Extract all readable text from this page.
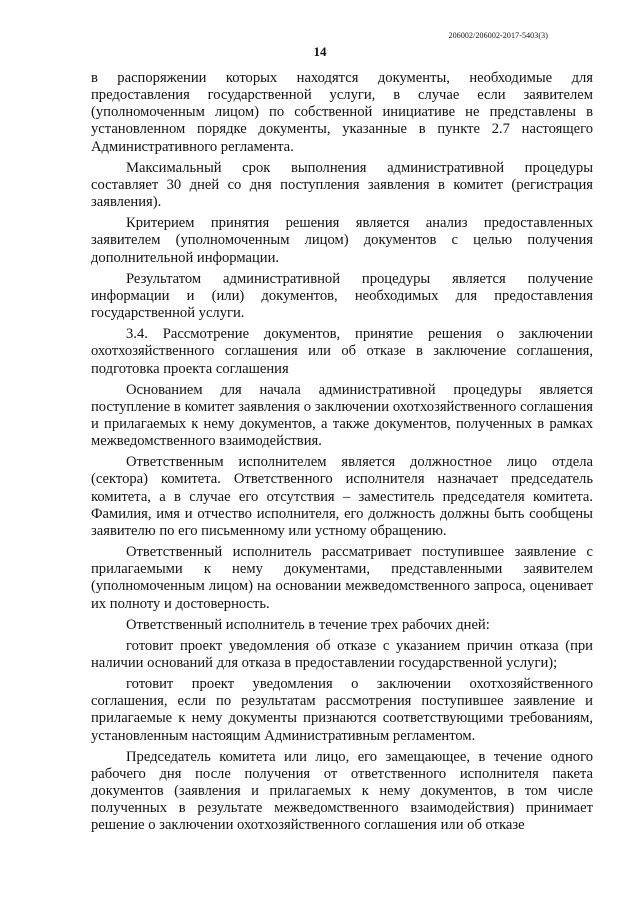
206002/206002-2017-5403(3)
14

в распоряжении которых находятся документы, необходимые для предоставления государственной услуги, в случае если заявителем (уполномоченным лицом) по собственной инициативе не представлены в установленном порядке документы, указанные в пункте 2.7 настоящего Административного регламента.

Максимальный срок выполнения административной процедуры составляет 30 дней со дня поступления заявления в комитет (регистрация заявления).

Критерием принятия решения является анализ предоставленных заявителем (уполномоченным лицом) документов с целью получения дополнительной информации.

Результатом административной процедуры является получение информации и (или) документов, необходимых для предоставления государственной услуги.

3.4. Рассмотрение документов, принятие решения о заключении охотхозяйственного соглашения или об отказе в заключение соглашения, подготовка проекта соглашения

Основанием для начала административной процедуры является поступление в комитет заявления о заключении охотхозяйственного соглашения и прилагаемых к нему документов, а также документов, полученных в рамках межведомственного взаимодействия.

Ответственным исполнителем является должностное лицо отдела (сектора) комитета. Ответственного исполнителя назначает председатель комитета, а в случае его отсутствия – заместитель председателя комитета. Фамилия, имя и отчество исполнителя, его должность должны быть сообщены заявителю по его письменному или устному обращению.

Ответственный исполнитель рассматривает поступившее заявление с прилагаемыми к нему документами, представленными заявителем (уполномоченным лицом) на основании межведомственного запроса, оценивает их полноту и достоверность.

Ответственный исполнитель в течение трех рабочих дней:

готовит проект уведомления об отказе с указанием причин отказа (при наличии оснований для отказа в предоставлении государственной услуги);

готовит проект уведомления о заключении охотхозяйственного соглашения, если по результатам рассмотрения поступившее заявление и прилагаемые к нему документы признаются соответствующими требованиям, установленным настоящим Административным регламентом.

Председатель комитета или лицо, его замещающее, в течение одного рабочего дня после получения от ответственного исполнителя пакета документов (заявления и прилагаемых к нему документов, в том числе полученных в результате межведомственного взаимодействия) принимает решение о заключении охотхозяйственного соглашения или об отказе
